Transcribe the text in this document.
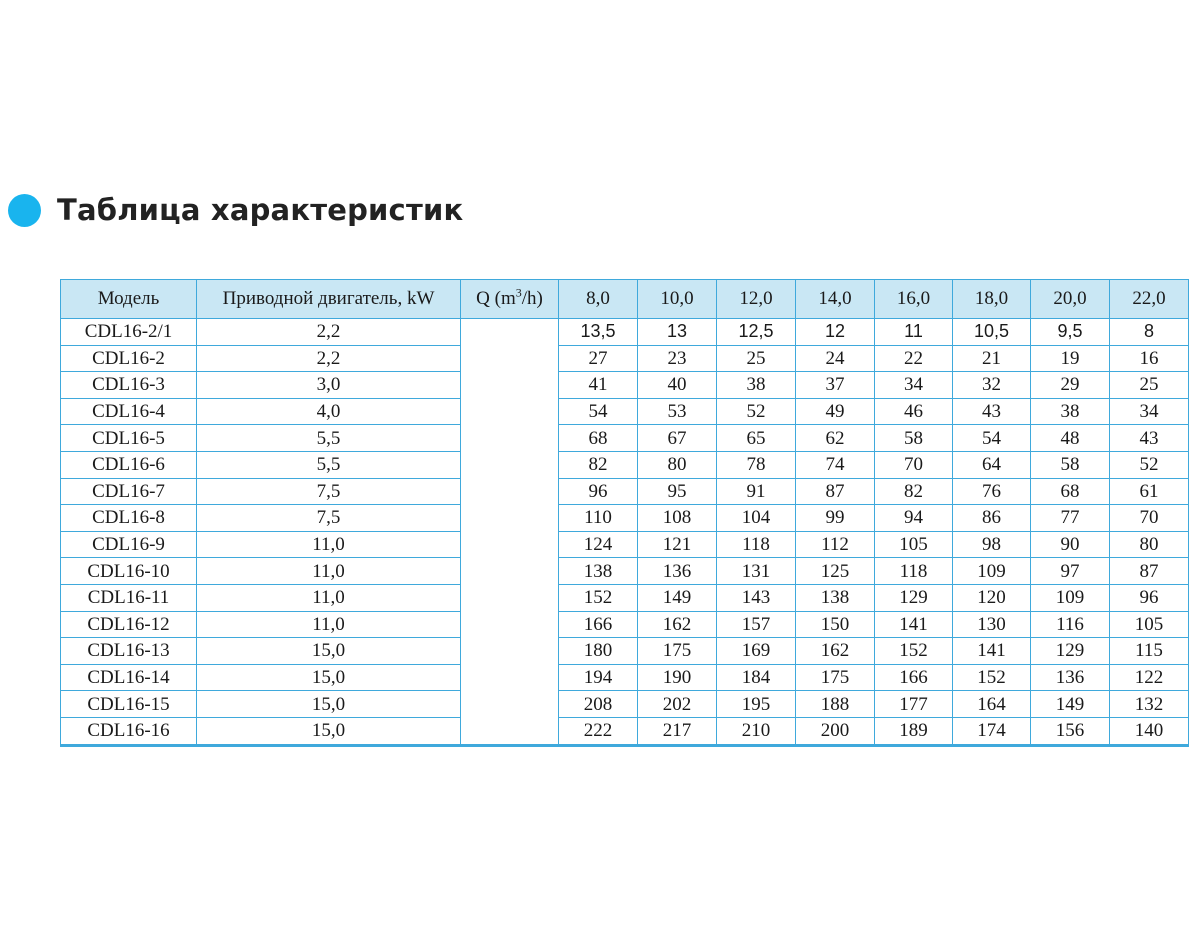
Таблица характеристик
Модель	Приводной двигатель, kW	Q $(m^3/h)$	8,0	10,0	12,0	14,0	16,0	18,0	20,0	22,0
CDL16-2/1	2,2		13,5	13	12,5	12	11	10,5	9,5	8
CDL16-2	2,2		27	23	25	24	22	21	19	16
CDL16-3	3,0		41	40	38	37	34	32	29	25
CDL16-4	4,0		54	53	52	49	46	43	38	34
CDL16-5	5,5		68	67	65	62	58	54	48	43
CDL16-6	5,5		82	80	78	74	70	64	58	52
CDL16-7	7,5		96	95	91	87	82	76	68	61
CDL16-8	7,5		110	108	104	99	94	86	77	70
CDL16-9	11,0		124	121	118	112	105	98	90	80
CDL16-10	11,0		138	136	131	125	118	109	97	87
CDL16-11	11,0		152	149	143	138	129	120	109	96
CDL16-12	11,0		166	162	157	150	141	130	116	105
CDL16-13	15,0		180	175	169	162	152	141	129	115
CDL16-14	15,0		194	190	184	175	166	152	136	122
CDL16-15	15,0		208	202	195	188	177	164	149	132
CDL16-16	15,0		222	217	210	200	189	174	156	140
